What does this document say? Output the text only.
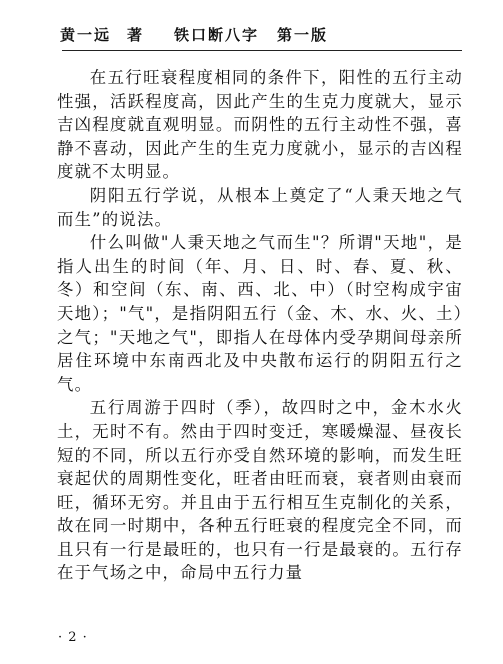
黄一远 著 铁口断八字 第一版

在五行旺衰程度相同的条件下，阳性的五行主动性强，活跃程度高，因此产生的生克力度就大，显示吉凶程度就直观明显。而阴性的五行主动性不强，喜静不喜动，因此产生的生克力度就小，显示的吉凶程度就不太明显。

阴阳五行学说，从根本上奠定了“人秉天地之气而生”的说法。

什么叫做"人秉天地之气而生"？所谓"天地"，是指人出生的时间（年、月、日、时、春、夏、秋、冬）和空间（东、南、西、北、中）（时空构成宇宙天地）；"气"，是指阴阳五行（金、木、水、火、土）之气；"天地之气"，即指人在母体内受孕期间母亲所居住环境中东南西北及中央散布运行的阴阳五行之气。

五行周游于四时（季），故四时之中，金木水火土，无时不有。然由于四时变迁，寒暖燥湿、昼夜长短的不同，所以五行亦受自然环境的影响，而发生旺衰起伏的周期性变化，旺者由旺而衰，衰者则由衰而旺，循环无穷。并且由于五行相互生克制化的关系，故在同一时期中，各种五行旺衰的程度完全不同，而且只有一行是最旺的，也只有一行是最衰的。五行存在于气场之中，命局中五行力量

· 2 ·
